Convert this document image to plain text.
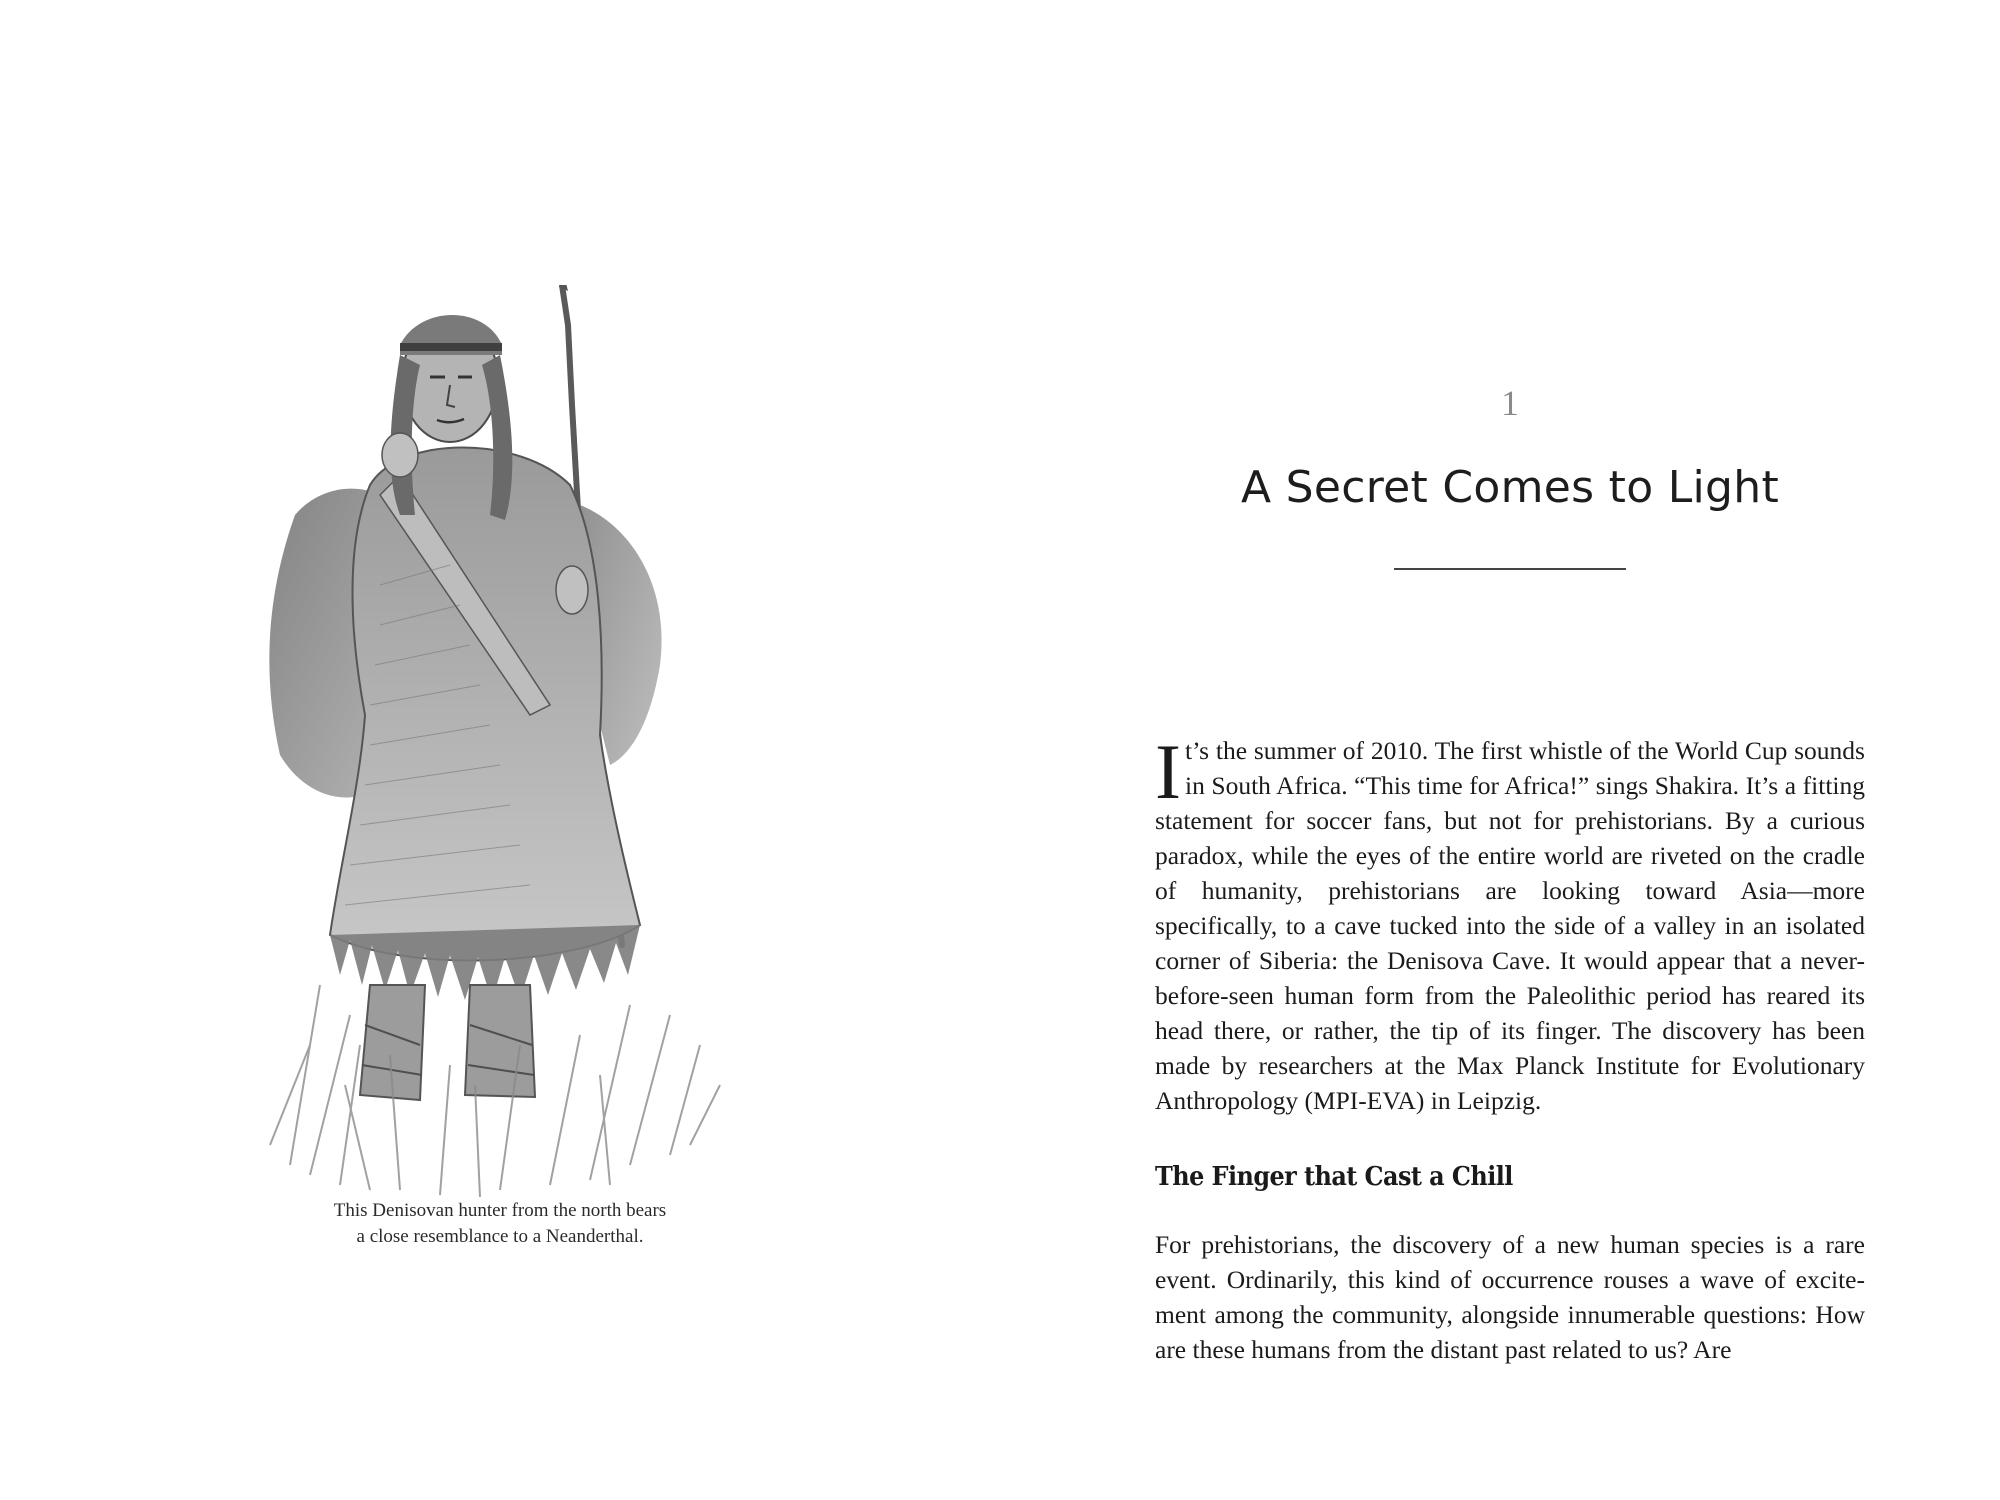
This Denisovan hunter from the north bears
a close resemblance to a Neanderthal.
1
A Secret Comes to Light

It’s the summer of 2010. The first whistle of the World Cup sounds in South Africa. “This time for Africa!” sings Shakira. It’s a fitting statement for soccer fans, but not for prehistorians. By a curious paradox, while the eyes of the entire world are riveted on the cradle of humanity, prehistorians are looking toward Asia—more specifically, to a cave tucked into the side of a valley in an isolated corner of Siberia: the Denisova Cave. It would appear that a never-before-seen human form from the Paleolithic period has reared its head there, or rather, the tip of its finger. The discovery has been made by researchers at the Max Planck Institute for Evolutionary Anthropology (MPI-EVA) in Leipzig.

The Finger that Cast a Chill

For prehistorians, the discovery of a new human species is a rare event. Ordinarily, this kind of occurrence rouses a wave of excitement among the community, alongside innumerable questions: How are these humans from the distant past related to us? Are
